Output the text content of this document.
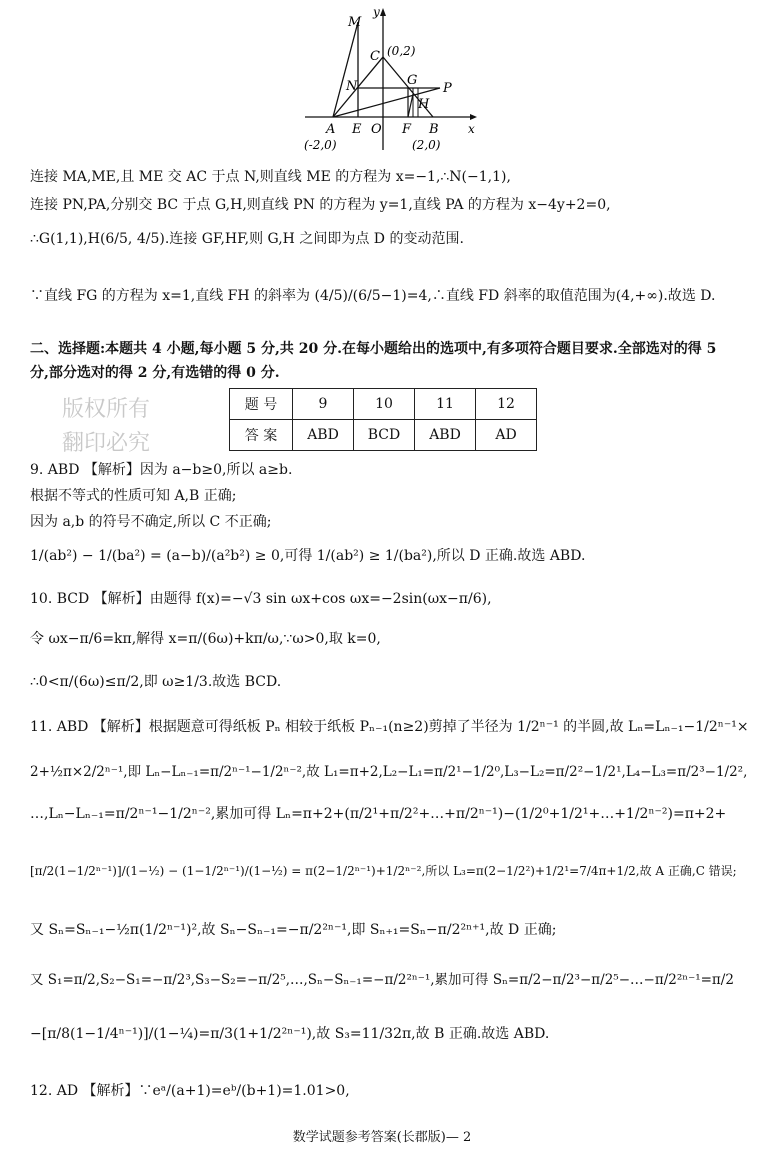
M
y
C (0,2)
G
P
N
H
A E O F B x
(-2,0)	(2,0)
连接 MA,ME,且 ME 交 AC 于点 N,则直线 ME 的方程为 x=−1,∴N(−1,1),
连接 PN,PA,分别交 BC 于点 G,H,则直线 PN 的方程为 y=1,直线 PA 的方程为 x−4y+2=0,
∴G(1,1),H(6/5, 4/5).连接 GF,HF,则 G,H 之间即为点 D 的变动范围.
∵直线 FG 的方程为 x=1,直线 FH 的斜率为 (4/5)/(6/5−1)=4,∴直线 FD 斜率的取值范围为(4,+∞).故选 D.
二、选择题:本题共 4 小题,每小题 5 分,共 20 分.在每小题给出的选项中,有多项符合题目要求.全部选对的得 5
分,部分选对的得 2 分,有选错的得 0 分.
版权所有
翻印必究
题 号	9	10	11	12
答 案	ABD	BCD	ABD	AD
9. ABD 【解析】因为 a−b≥0,所以 a≥b.
根据不等式的性质可知 A,B 正确;
因为 a,b 的符号不确定,所以 C 不正确;
1/(ab²) − 1/(ba²) = (a−b)/(a²b²) ≥ 0,可得 1/(ab²) ≥ 1/(ba²),所以 D 正确.故选 ABD.
10. BCD 【解析】由题得 f(x)=−√3 sin ωx+cos ωx=−2sin(ωx−π/6),
令 ωx−π/6=kπ,解得 x=π/(6ω)+kπ/ω,∵ω>0,取 k=0,
∴0<π/(6ω)≤π/2,即 ω≥1/3.故选 BCD.
11. ABD 【解析】根据题意可得纸板 Pₙ 相较于纸板 Pₙ₋₁(n≥2)剪掉了半径为 1/2ⁿ⁻¹ 的半圆,故 Lₙ=Lₙ₋₁−1/2ⁿ⁻¹×
2+½π×2/2ⁿ⁻¹,即 Lₙ−Lₙ₋₁=π/2ⁿ⁻¹−1/2ⁿ⁻²,故 L₁=π+2,L₂−L₁=π/2¹−1/2⁰,L₃−L₂=π/2²−1/2¹,L₄−L₃=π/2³−1/2²,
…,Lₙ−Lₙ₋₁=π/2ⁿ⁻¹−1/2ⁿ⁻²,累加可得 Lₙ=π+2+(π/2¹+π/2²+…+π/2ⁿ⁻¹)−(1/2⁰+1/2¹+…+1/2ⁿ⁻²)=π+2+
[π/2(1−1/2ⁿ⁻¹)]/(1−½) − (1−1/2ⁿ⁻¹)/(1−½) = π(2−1/2ⁿ⁻¹)+1/2ⁿ⁻²,所以 L₃=π(2−1/2²)+1/2¹=7/4π+1/2,故 A 正确,C 错误;
又 Sₙ=Sₙ₋₁−½π(1/2ⁿ⁻¹)²,故 Sₙ−Sₙ₋₁=−π/2²ⁿ⁻¹,即 Sₙ₊₁=Sₙ−π/2²ⁿ⁺¹,故 D 正确;
又 S₁=π/2,S₂−S₁=−π/2³,S₃−S₂=−π/2⁵,…,Sₙ−Sₙ₋₁=−π/2²ⁿ⁻¹,累加可得 Sₙ=π/2−π/2³−π/2⁵−…−π/2²ⁿ⁻¹=π/2
−[π/8(1−1/4ⁿ⁻¹)]/(1−¼)=π/3(1+1/2²ⁿ⁻¹),故 S₃=11/32π,故 B 正确.故选 ABD.
12. AD 【解析】∵eᵃ/(a+1)=eᵇ/(b+1)=1.01>0,
数学试题参考答案(长郡版)— 2
